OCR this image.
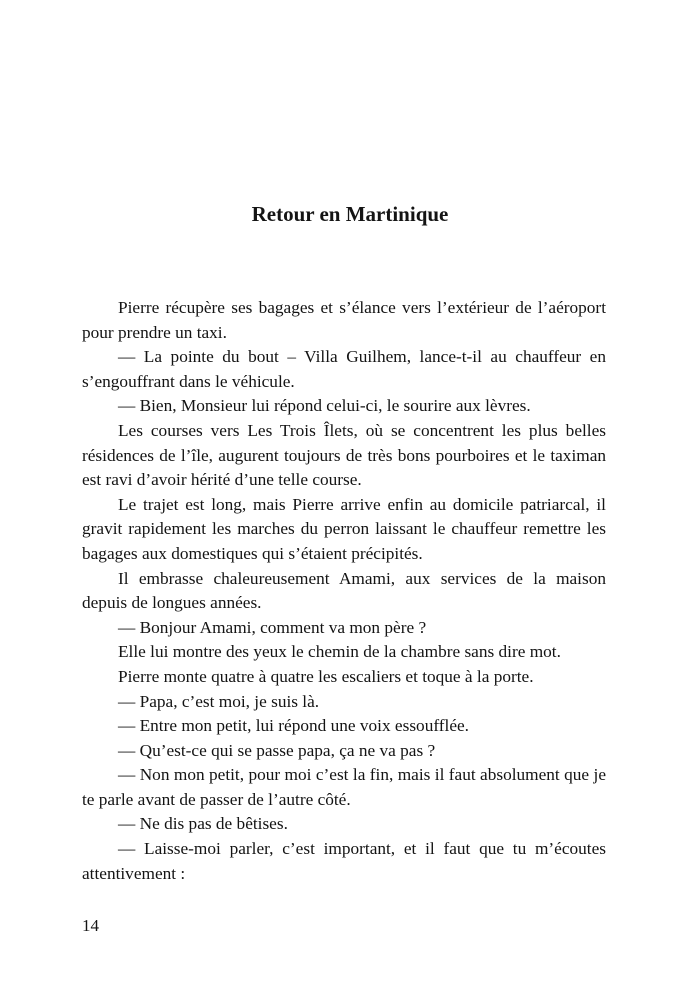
Retour en Martinique

Pierre récupère ses bagages et s’élance vers l’extérieur de l’aéroport pour prendre un taxi.

— La pointe du bout – Villa Guilhem, lance-t-il au chauffeur en s’engouffrant dans le véhicule.

— Bien, Monsieur lui répond celui-ci, le sourire aux lèvres.

Les courses vers Les Trois Îlets, où se concentrent les plus belles résidences de l’île, augurent toujours de très bons pourboires et le taximan est ravi d’avoir hérité d’une telle course.

Le trajet est long, mais Pierre arrive enfin au domicile patriarcal, il gravit rapidement les marches du perron laissant le chauffeur remettre les bagages aux domestiques qui s’étaient précipités.

Il embrasse chaleureusement Amami, aux services de la maison depuis de longues années.

— Bonjour Amami, comment va mon père ?

Elle lui montre des yeux le chemin de la chambre sans dire mot.

Pierre monte quatre à quatre les escaliers et toque à la porte.

— Papa, c’est moi, je suis là.

— Entre mon petit, lui répond une voix essoufflée.

— Qu’est-ce qui se passe papa, ça ne va pas ?

— Non mon petit, pour moi c’est la fin, mais il faut absolument que je te parle avant de passer de l’autre côté.

— Ne dis pas de bêtises.

— Laisse-moi parler, c’est important, et il faut que tu m’écoutes attentivement :

14
